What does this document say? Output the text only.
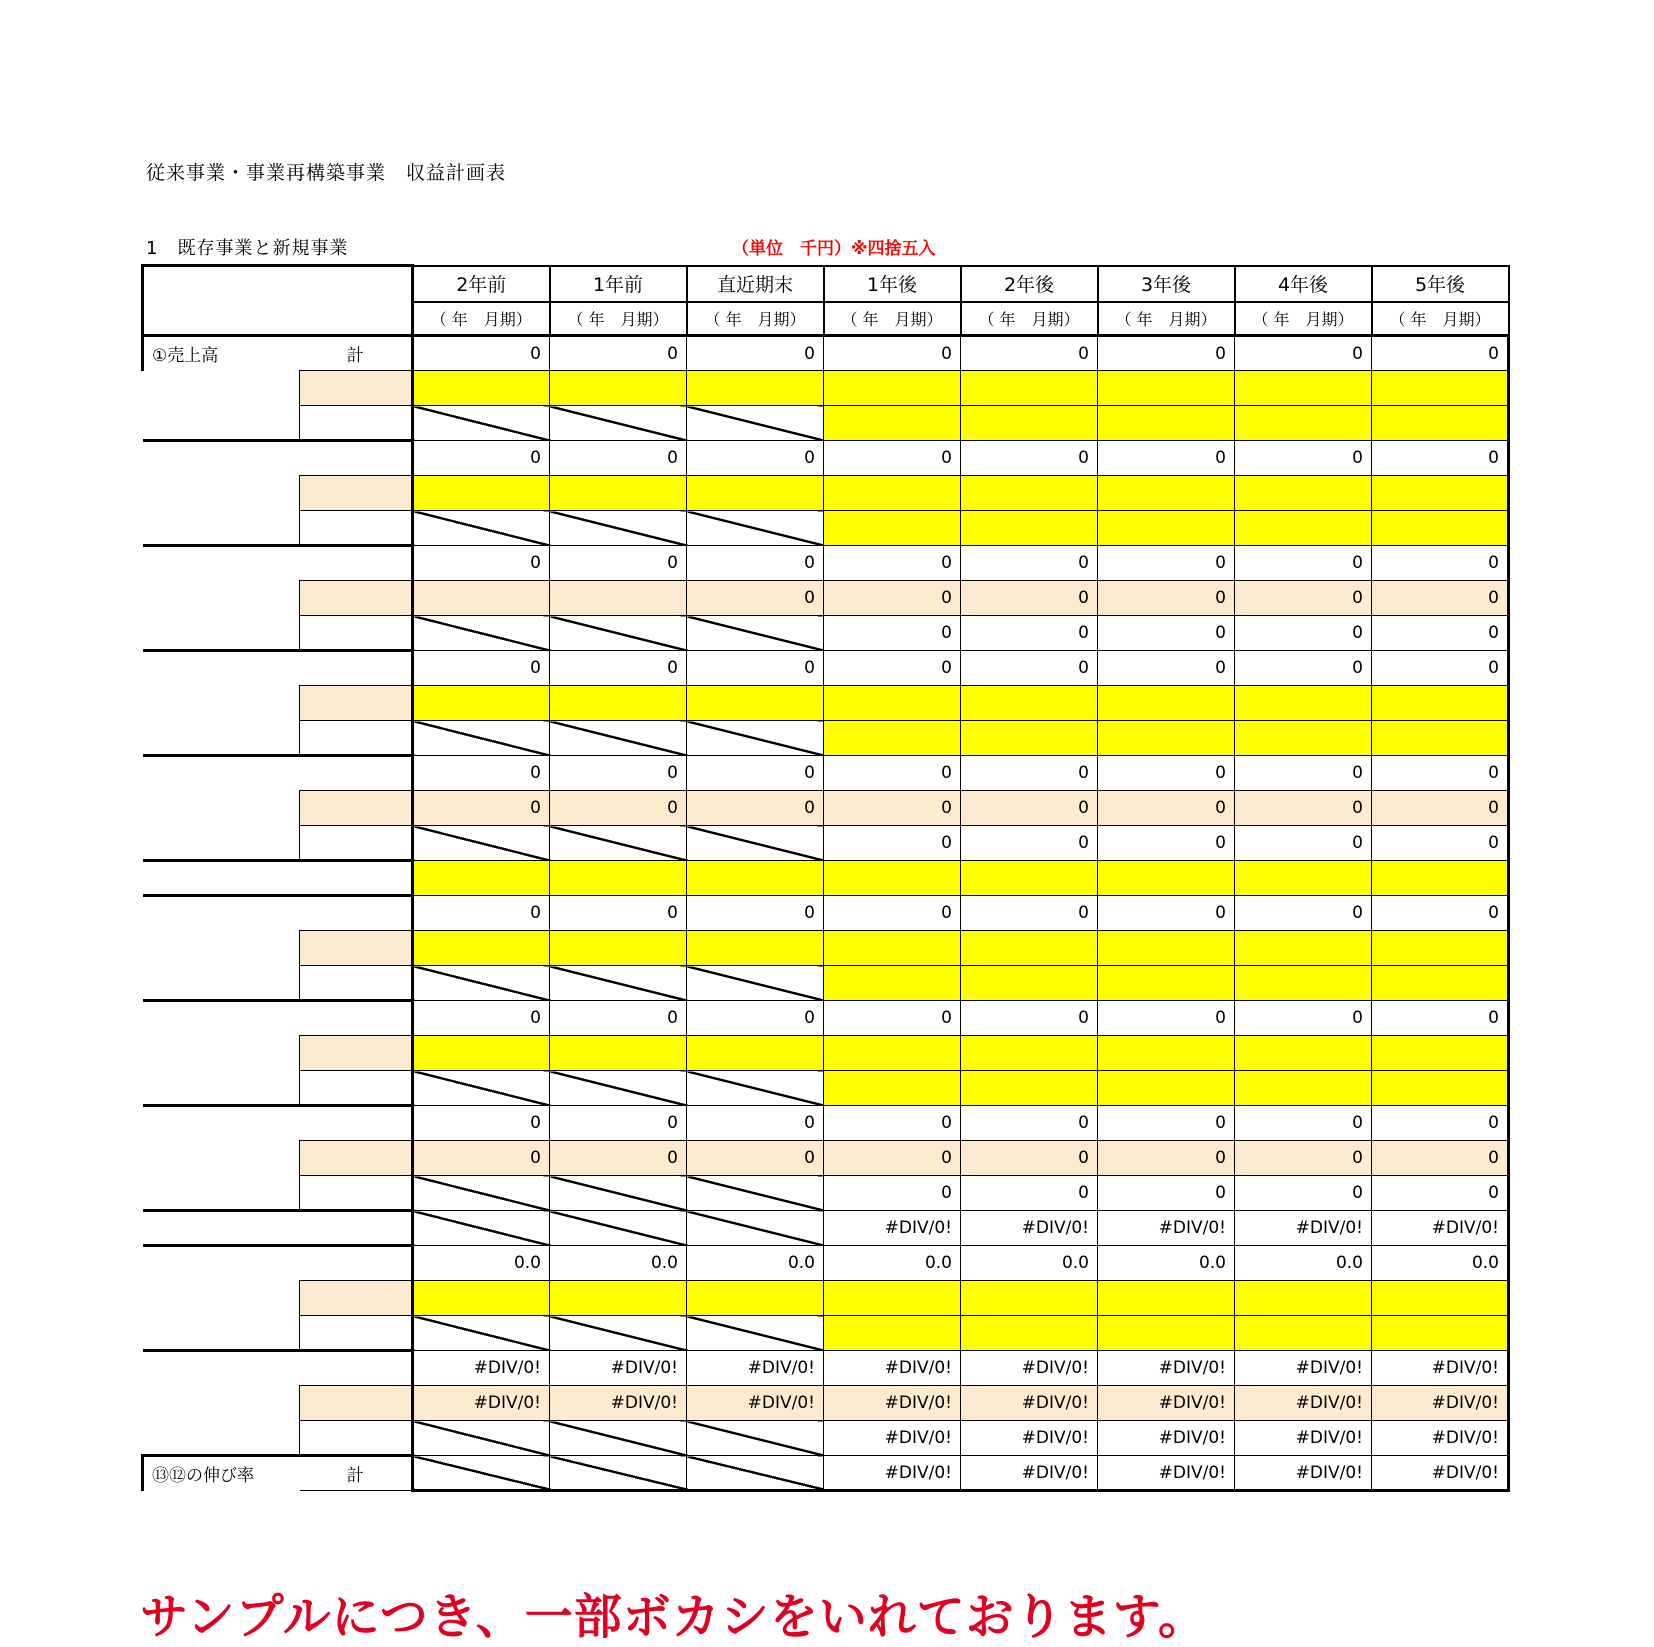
従来事業・事業再構築事業　収益計画表
1　既存事業と新規事業	（単位　千円）※四捨五入
		2年前	1年前	直近期末	1年後	2年後	3年後	4年後	5年後
		（ 年　月期）	（ 年　月期）	（ 年　月期）	（ 年　月期）	（ 年　月期）	（ 年　月期）	（ 年　月期）	（ 年　月期）
①売上高	計	0	0	0	0	0	0	0	0

		0	0	0	0	0	0	0	0

		0	0	0	0	0	0	0	0
				0	0	0	0	0	0
					0	0	0	0	0
		0	0	0	0	0	0	0	0

		0	0	0	0	0	0	0	0
		0	0	0	0	0	0	0	0
					0	0	0	0	0

		0	0	0	0	0	0	0	0

		0	0	0	0	0	0	0	0

		0	0	0	0	0	0	0	0
		0	0	0	0	0	0	0	0
					0	0	0	0	0
					#DIV/0!	#DIV/0!	#DIV/0!	#DIV/0!	#DIV/0!
		0.0	0.0	0.0	0.0	0.0	0.0	0.0	0.0

		#DIV/0!	#DIV/0!	#DIV/0!	#DIV/0!	#DIV/0!	#DIV/0!	#DIV/0!	#DIV/0!
		#DIV/0!	#DIV/0!	#DIV/0!	#DIV/0!	#DIV/0!	#DIV/0!	#DIV/0!	#DIV/0!
					#DIV/0!	#DIV/0!	#DIV/0!	#DIV/0!	#DIV/0!
⑬⑫の伸び率	計				#DIV/0!	#DIV/0!	#DIV/0!	#DIV/0!	#DIV/0!
サンプルにつき、一部ボカシをいれております。
